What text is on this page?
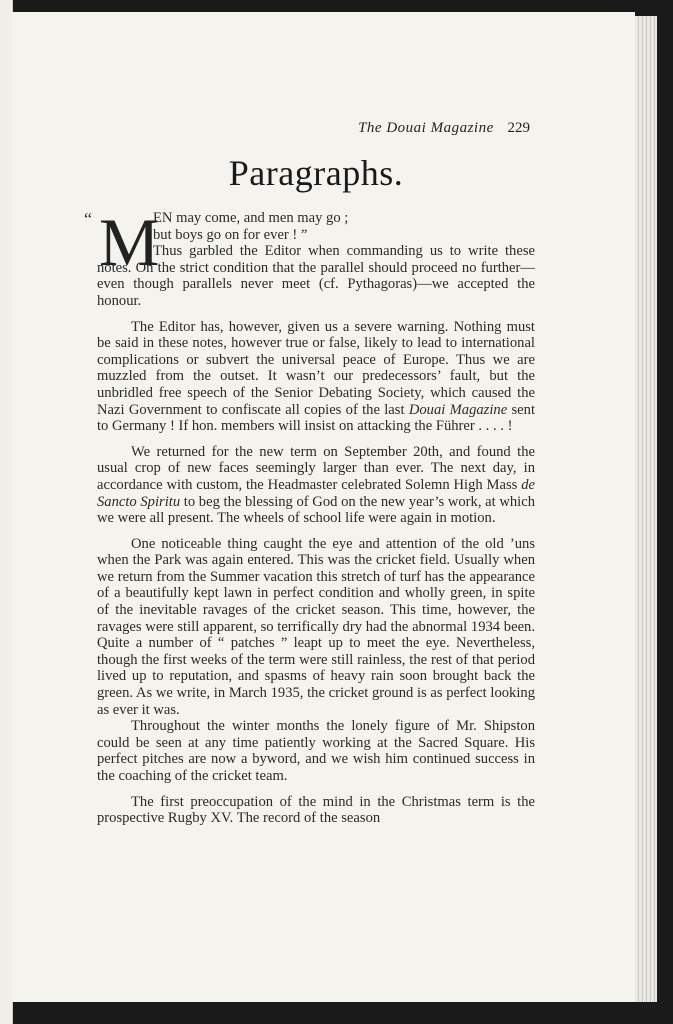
The Douai Magazine 229
Paragraphs.
“ M

EN may come, and men may go ;

but boys go on for ever ! ”

Thus garbled the Editor when commanding us to write these notes. On the strict condition that the parallel should proceed no further—even though parallels never meet (cf. Pythagoras)—we accepted the honour.

The Editor has, however, given us a severe warning. Nothing must be said in these notes, however true or false, likely to lead to international complications or subvert the universal peace of Europe. Thus we are muzzled from the outset. It wasn’t our predecessors’ fault, but the unbridled free speech of the Senior Debating Society, which caused the Nazi Government to confiscate all copies of the last Douai Magazine sent to Germany ! If hon. members will insist on attacking the Führer . . . . !

We returned for the new term on September 20th, and found the usual crop of new faces seemingly larger than ever. The next day, in accordance with custom, the Headmaster celebrated Solemn High Mass de Sancto Spiritu to beg the blessing of God on the new year’s work, at which we were all present. The wheels of school life were again in motion.

One noticeable thing caught the eye and attention of the old ’uns when the Park was again entered. This was the cricket field. Usually when we return from the Summer vacation this stretch of turf has the appearance of a beautifully kept lawn in perfect condition and wholly green, in spite of the inevitable ravages of the cricket season. This time, however, the ravages were still apparent, so terrifically dry had the abnormal 1934 been. Quite a number of “ patches ” leapt up to meet the eye. Nevertheless, though the first weeks of the term were still rainless, the rest of that period lived up to reputation, and spasms of heavy rain soon brought back the green. As we write, in March 1935, the cricket ground is as perfect looking as ever it was.

Throughout the winter months the lonely figure of Mr. Shipston could be seen at any time patiently working at the Sacred Square. His perfect pitches are now a byword, and we wish him continued success in the coaching of the cricket team.

The first preoccupation of the mind in the Christmas term is the prospective Rugby XV. The record of the season
